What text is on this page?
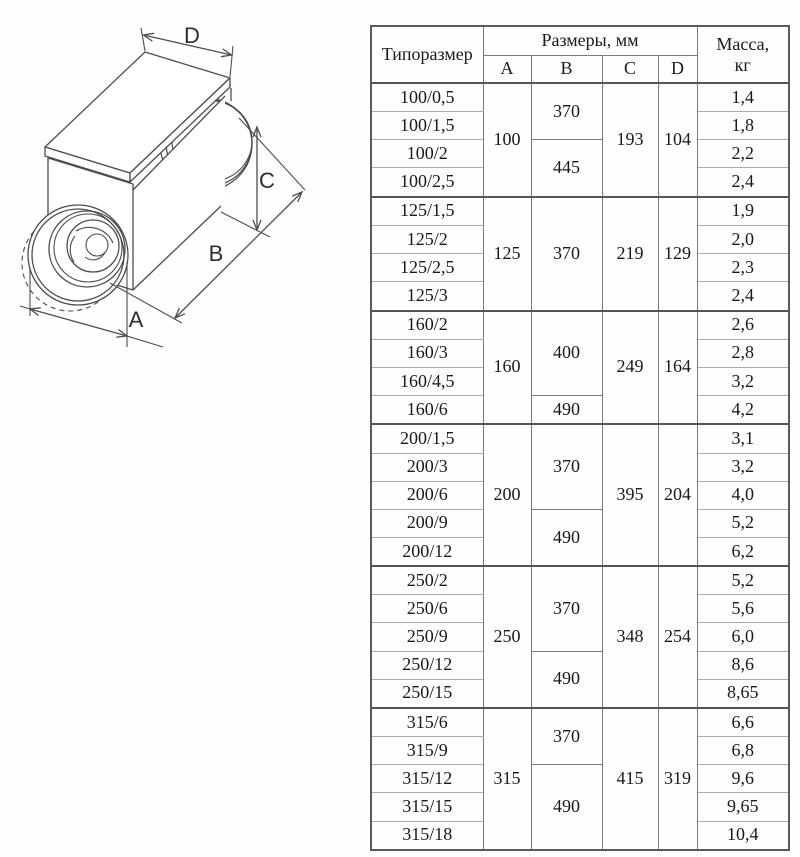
D
C
B
A
Типоразмер	Размеры, мм				Масса,
кг

	A	B	C	D	
100/0,5	100	370	193	104	1,4
100/1,5					1,8
100/2		445			2,2
100/2,5					2,4
125/1,5	125	370	219	129	1,9
125/2					2,0
125/2,5					2,3
125/3					2,4
160/2	160	400	249	164	2,6
160/3					2,8
160/4,5					3,2
160/6		490			4,2
200/1,5	200	370	395	204	3,1
200/3					3,2
200/6					4,0
200/9		490			5,2
200/12					6,2
250/2	250	370	348	254	5,2
250/6					5,6
250/9					6,0
250/12		490			8,6
250/15					8,65
315/6	315	370	415	319	6,6
315/9					6,8
315/12		490			9,6
315/15					9,65
315/18					10,4
